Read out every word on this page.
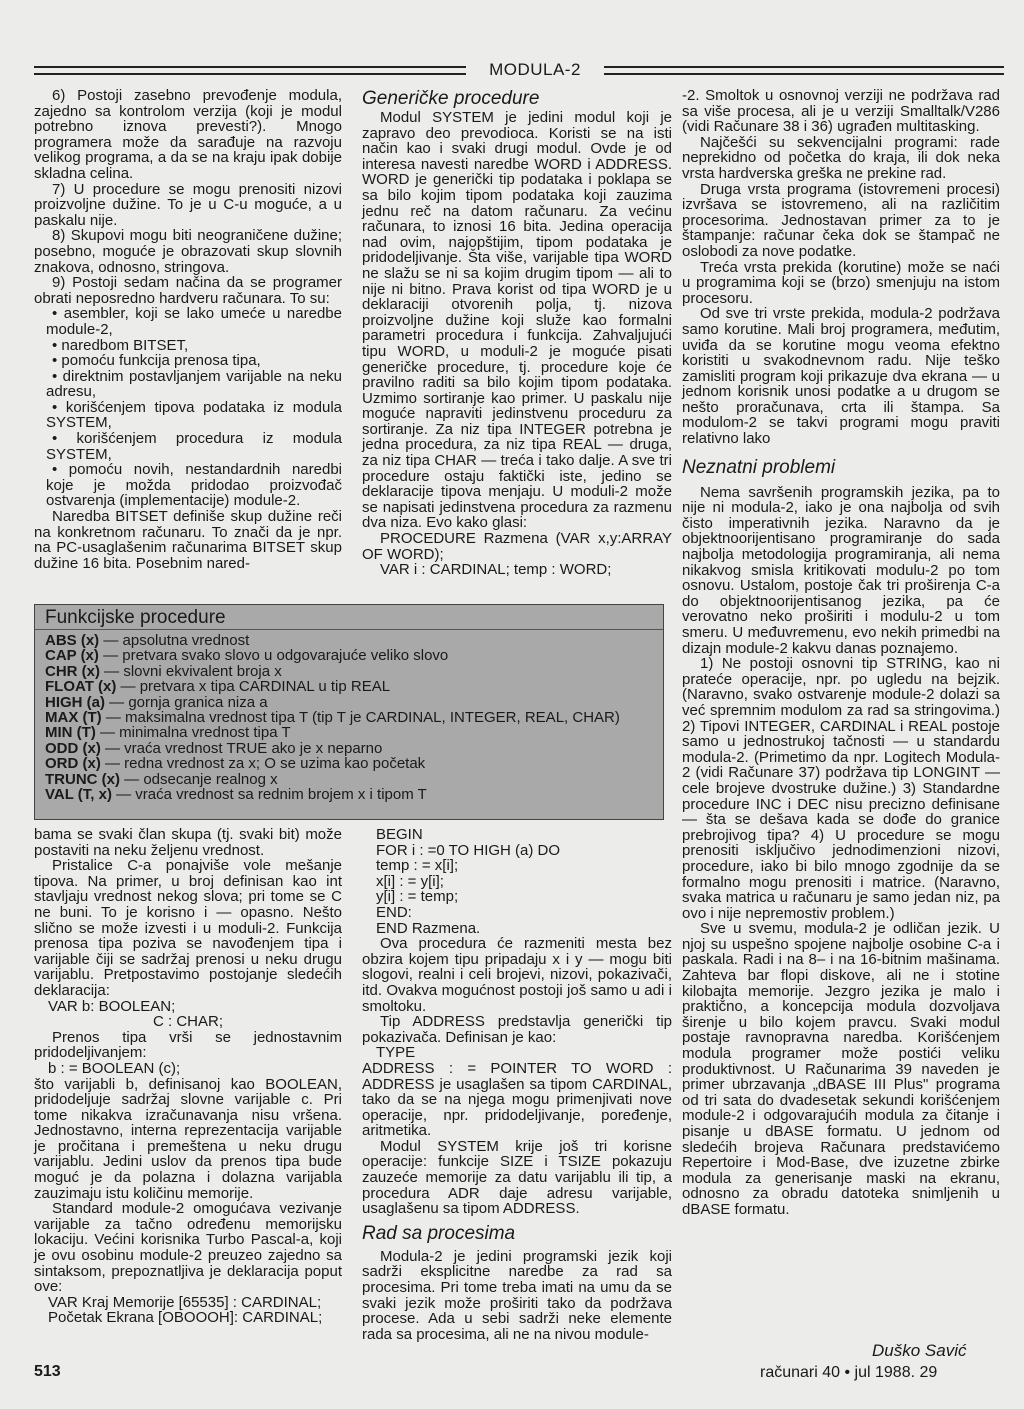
MODULA-2

6) Postoji zasebno prevođenje modula, zajedno sa kontrolom verzija (koji je modul potrebno iznova prevesti?). Mnogo programera može da sarađuje na razvoju velikog programa, a da se na kraju ipak dobije skladna celina.

7) U procedure se mogu prenositi nizovi proizvoljne dužine. To je u C-u moguće, a u paskalu nije.

8) Skupovi mogu biti neograničene dužine; posebno, moguće je obrazovati skup slovnih znakova, odnosno, stringova.

9) Postoji sedam načina da se programer obrati neposredno hardveru računara. To su:

• asembler, koji se lako umeće u naredbe module-2,

• naredbom BITSET,

• pomoću funkcija prenosa tipa,

• direktnim postavljanjem varijable na neku adresu,

• korišćenjem tipova podataka iz modula SYSTEM,

• korišćenjem procedura iz modula SYSTEM,

• pomoću novih, nestandardnih naredbi koje je možda pridodao proizvođač ostvarenja (implementacije) module-2.

Naredba BITSET definiše skup dužine reči na konkretnom računaru. To znači da je npr. na PC-usaglašenim računarima BITSET skup dužine 16 bita. Posebnim nared-

Generičke procedure

Modul SYSTEM je jedini modul koji je zapravo deo prevodioca. Koristi se na isti način kao i svaki drugi modul. Ovde je od interesa navesti naredbe WORD i ADDRESS. WORD je generički tip podataka i poklapa se sa bilo kojim tipom podataka koji zauzima jednu reč na datom računaru. Za većinu računara, to iznosi 16 bita. Jedina operacija nad ovim, najopštijim, tipom podataka je pridodeljivanje. Šta više, varijable tipa WORD ne slažu se ni sa kojim drugim tipom — ali to nije ni bitno. Prava korist od tipa WORD je u deklaraciji otvorenih polja, tj. nizova proizvoljne dužine koji služe kao formalni parametri procedura i funkcija. Zahvaljujući tipu WORD, u moduli-2 je moguće pisati generičke procedure, tj. procedure koje će pravilno raditi sa bilo kojim tipom podataka. Uzmimo sortiranje kao primer. U paskalu nije moguće napraviti jedinstvenu proceduru za sortiranje. Za niz tipa INTEGER potrebna je jedna procedura, za niz tipa REAL — druga, za niz tipa CHAR — treća i tako dalje. A sve tri procedure ostaju faktički iste, jedino se deklaracije tipova menjaju. U moduli-2 može se napisati jedinstvena procedura za razmenu dva niza. Evo kako glasi:

PROCEDURE Razmena (VAR x,y:ARRAY OF WORD);

VAR i : CARDINAL; temp : WORD;

-2. Smoltok u osnovnoj verziji ne podržava rad sa više procesa, ali je u verziji Smalltalk/V286 (vidi Računare 38 i 36) ugrađen multitasking.

Najčešći su sekvencijalni programi: rade neprekidno od početka do kraja, ili dok neka vrsta hardverska greška ne prekine rad.

Druga vrsta programa (istovremeni procesi) izvršava se istovremeno, ali na različitim procesorima. Jednostavan primer za to je štampanje: računar čeka dok se štampač ne oslobodi za nove podatke.

Treća vrsta prekida (korutine) može se naći u programima koji se (brzo) smenjuju na istom procesoru.

Od sve tri vrste prekida, modula-2 podržava samo korutine. Mali broj programera, međutim, uviđa da se korutine mogu veoma efektno koristiti u svakodnevnom radu. Nije teško zamisliti program koji prikazuje dva ekrana — u jednom korisnik unosi podatke a u drugom se nešto proračunava, crta ili štampa. Sa modulom-2 se takvi programi mogu praviti relativno lako

Neznatni problemi

Nema savršenih programskih jezika, pa to nije ni modula-2, iako je ona najbolja od svih čisto imperativnih jezika. Naravno da je objektnoorijentisano programiranje do sada najbolja metodologija programiranja, ali nema nikakvog smisla kritikovati modulu-2 po tom osnovu. Ustalom, postoje čak tri proširenja C-a do objektnoorijentisanog jezika, pa će verovatno neko proširiti i modulu-2 u tom smeru. U međuvremenu, evo nekih primedbi na dizajn module-2 kakvu danas poznajemo.

1) Ne postoji osnovni tip STRING, kao ni prateće operacije, npr. po ugledu na bejzik. (Naravno, svako ostvarenje module-2 dolazi sa već spremnim modulom za rad sa stringovima.) 2) Tipovi INTEGER, CARDINAL i REAL postoje samo u jednostrukoj tačnosti — u standardu modula-2. (Primetimo da npr. Logitech Modula-2 (vidi Računare 37) podržava tip LONGINT — cele brojeve dvostruke dužine.) 3) Standardne procedure INC i DEC nisu precizno definisane — šta se dešava kada se dođe do granice prebrojivog tipa? 4) U procedure se mogu prenositi isključivo jednodimenzioni nizovi, procedure, iako bi bilo mnogo zgodnije da se formalno mogu prenositi i matrice. (Naravno, svaka matrica u računaru je samo jedan niz, pa ovo i nije nepremostiv problem.)

Sve u svemu, modula-2 je odličan jezik. U njoj su uspešno spojene najbolje osobine C-a i paskala. Radi i na 8– i na 16-bitnim mašinama. Zahteva bar flopi diskove, ali ne i stotine kilobajta memorije. Jezgro jezika je malo i praktično, a koncepcija modula dozvoljava širenje u bilo kojem pravcu. Svaki modul postaje ravnopravna naredba. Korišćenjem modula programer može postići veliku produktivnost. U Računarima 39 naveden je primer ubrzavanja „dBASE III Plus" programa od tri sata do dvadesetak sekundi korišćenjem module-2 i odgovarajućih modula za čitanje i pisanje u dBASE formatu. U jednom od sledećih brojeva Računara predstavićemo Repertoire i Mod-Base, dve izuzetne zbirke modula za generisanje maski na ekranu, odnosno za obradu datoteka snimljenih u dBASE formatu.

Funkcijske procedure
ABS (x) — apsolutna vrednost
CAP (x) — pretvara svako slovo u odgovarajuće veliko slovo
CHR (x) — slovni ekvivalent broja x
FLOAT (x) — pretvara x tipa CARDINAL u tip REAL
HIGH (a) — gornja granica niza a
MAX (T) — maksimalna vrednost tipa T (tip T je CARDINAL, INTEGER, REAL, CHAR)
MIN (T) — minimalna vrednost tipa T
ODD (x) — vraća vrednost TRUE ako je x neparno
ORD (x) — redna vrednost za x; O se uzima kao početak
TRUNC (x) — odsecanje realnog x
VAL (T, x) — vraća vrednost sa rednim brojem x i tipom T

bama se svaki član skupa (tj. svaki bit) može postaviti na neku željenu vrednost.

Pristalice C-a ponajviše vole mešanje tipova. Na primer, u broj definisan kao int stavljaju vrednost nekog slova; pri tome se C ne buni. To je korisno i — opasno. Nešto slično se može izvesti i u moduli-2. Funkcija prenosa tipa poziva se navođenjem tipa i varijable čiji se sadržaj prenosi u neku drugu varijablu. Pretpostavimo postojanje sledećih deklaracija:

VAR b: BOOLEAN;

C : CHAR;

Prenos tipa vrši se jednostavnim pridodeljivanjem:

b : = BOOLEAN (c);

što varijabli b, definisanoj kao BOOLEAN, pridodeljuje sadržaj slovne varijable c. Pri tome nikakva izračunavanja nisu vršena. Jednostavno, interna reprezentacija varijable je pročitana i premeštena u neku drugu varijablu. Jedini uslov da prenos tipa bude moguć je da polazna i dolazna varijabla zauzimaju istu količinu memorije.

Standard module-2 omogućava vezivanje varijable za tačno određenu memorijsku lokaciju. Većini korisnika Turbo Pascal-a, koji je ovu osobinu module-2 preuzeo zajedno sa sintaksom, prepoznatljiva je deklaracija poput ove:

VAR Kraj Memorije [65535] : CARDINAL;

Početak Ekrana [OBOOOH]: CARDINAL;

BEGIN

FOR i : =0 TO HIGH (a) DO

temp : = x[i];

x[i] : = y[i];

y[i] : = temp;

END:

END Razmena.

Ova procedura će razmeniti mesta bez obzira kojem tipu pripadaju x i y — mogu biti slogovi, realni i celi brojevi, nizovi, pokazivači, itd. Ovakva mogućnost postoji još samo u adi i smoltoku.

Tip ADDRESS predstavlja generički tip pokazivača. Definisan je kao:

TYPE

ADDRESS : = POINTER TO WORD : ADDRESS je usaglašen sa tipom CARDINAL, tako da se na njega mogu primenjivati nove operacije, npr. pridodeljivanje, poređenje, aritmetika.

Modul SYSTEM krije još tri korisne operacije: funkcije SIZE i TSIZE pokazuju zauzeće memorije za datu varijablu ili tip, a procedura ADR daje adresu varijable, usaglašenu sa tipom ADDRESS.

Rad sa procesima

Modula-2 je jedini programski jezik koji sadrži eksplicitne naredbe za rad sa procesima. Pri tome treba imati na umu da se svaki jezik može proširiti tako da podržava procese. Ada u sebi sadrži neke elemente rada sa procesima, ali ne na nivou module-

513
Duško Savić
računari 40 • jul 1988. 29
